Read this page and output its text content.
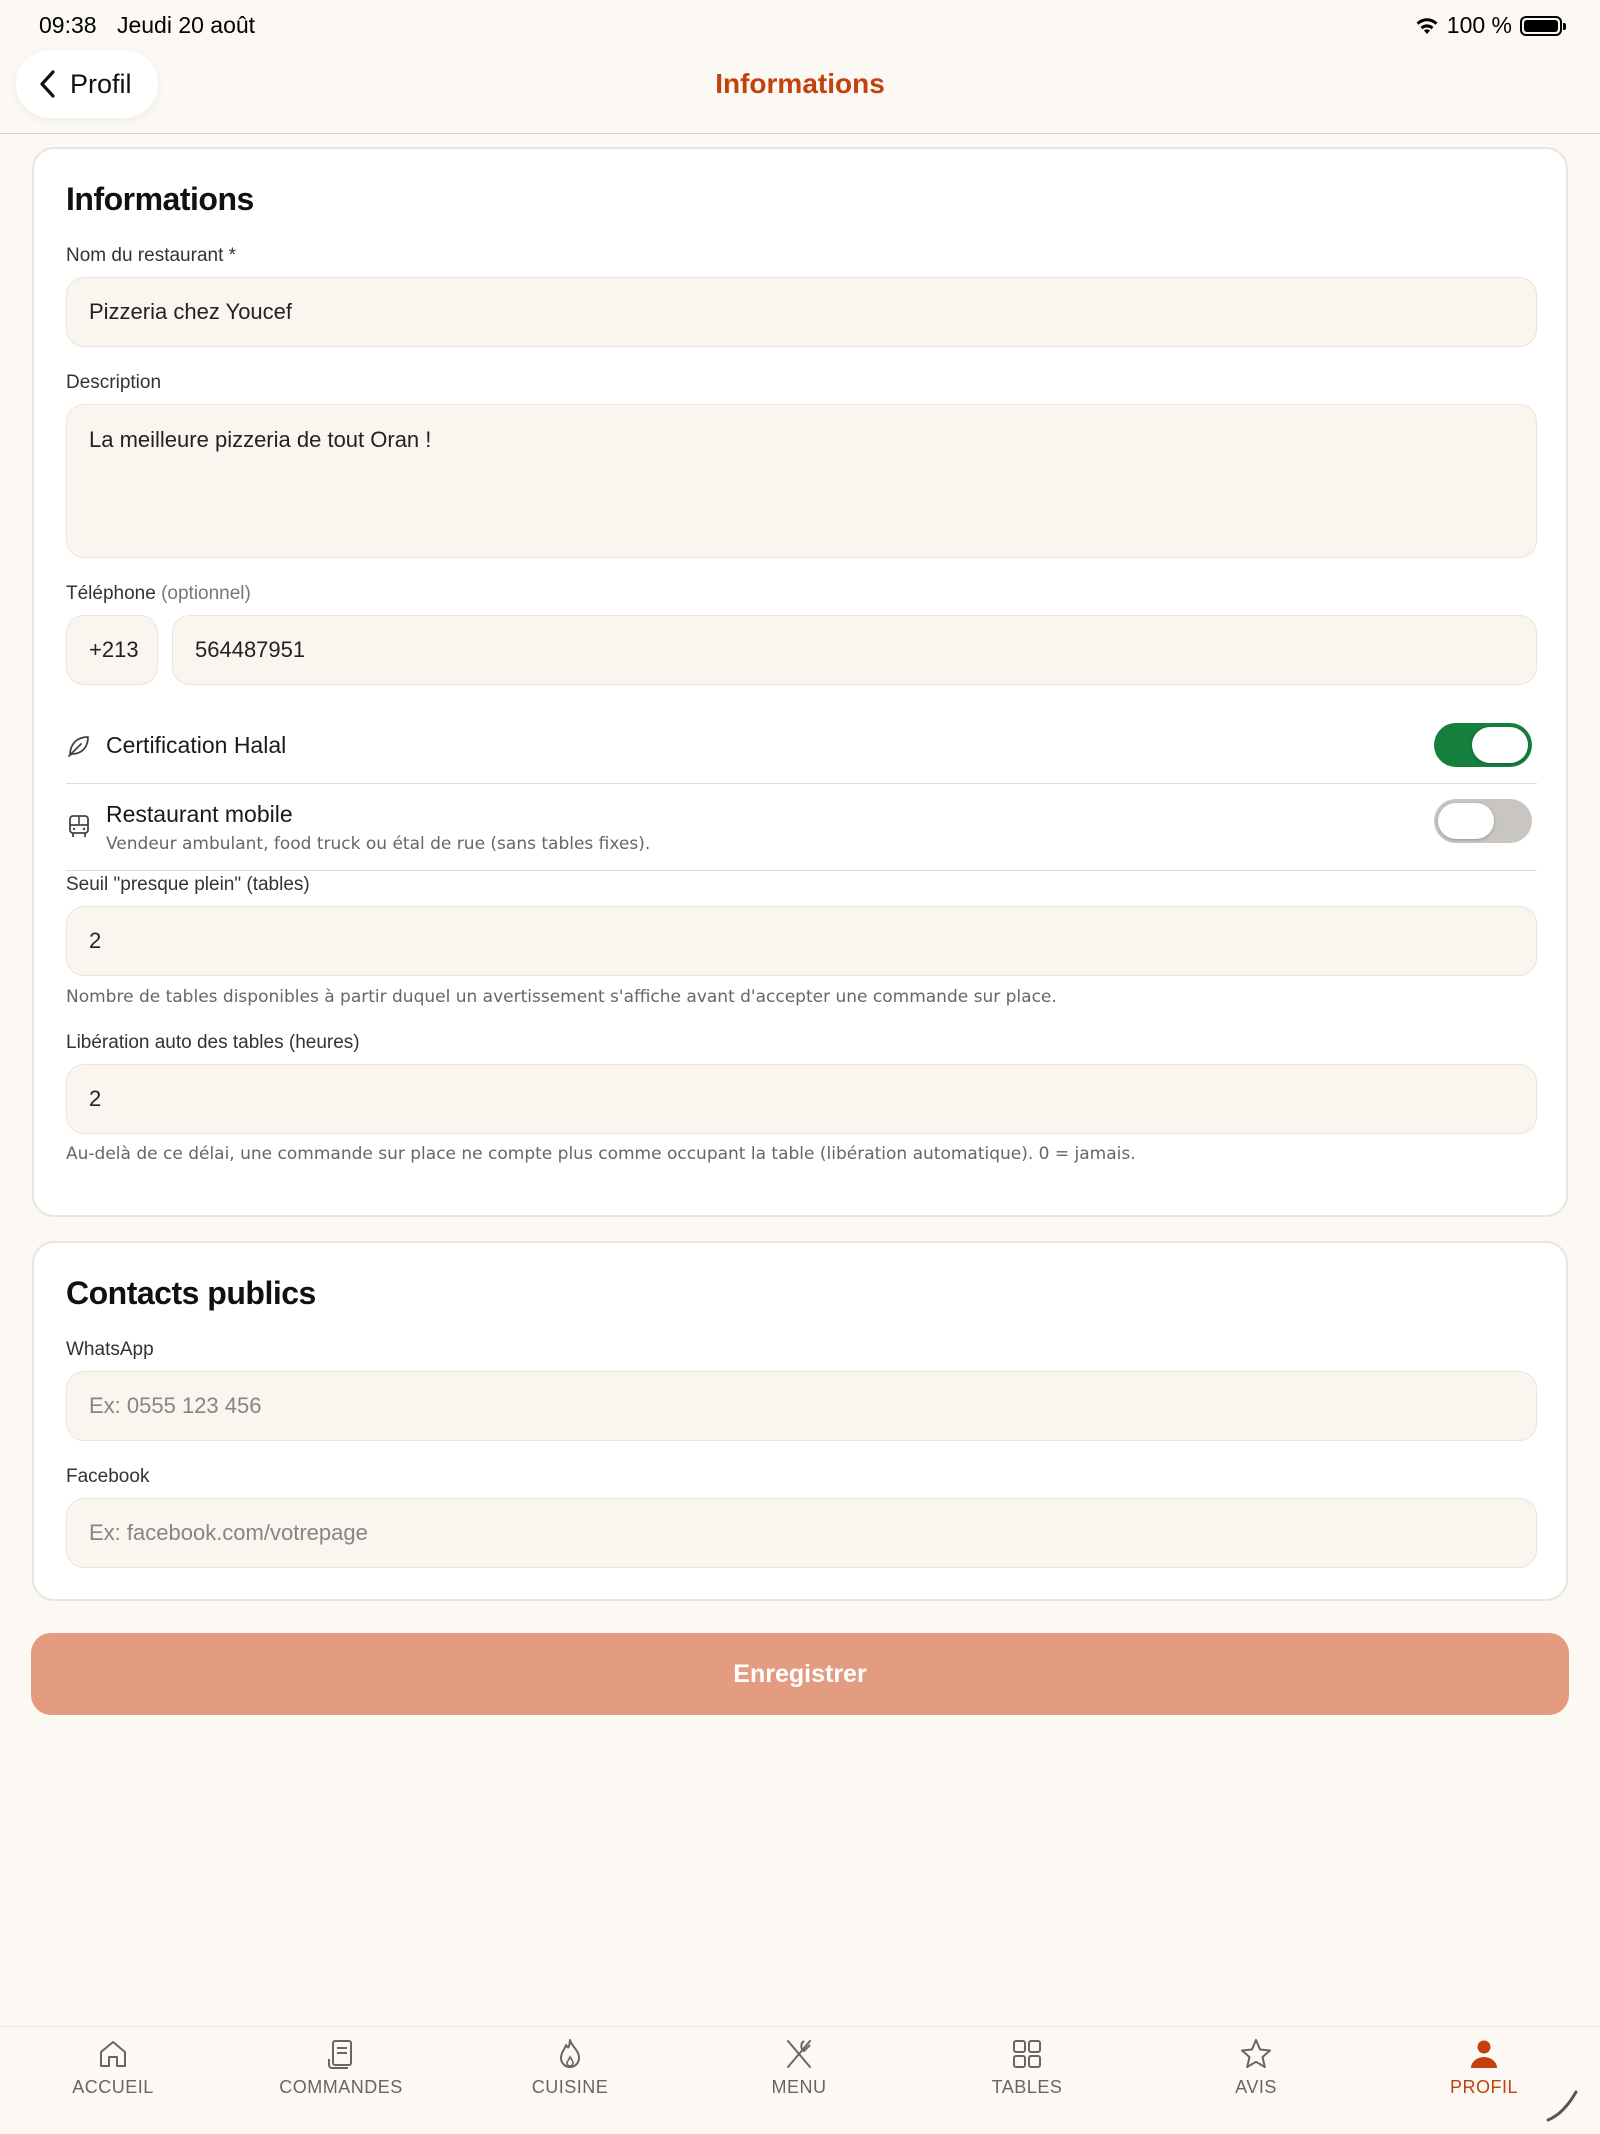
09:38 Jeudi 20 août	100 %
Profil	Informations
Informations
Nom du restaurant *
Pizzeria chez Youcef
Description
La meilleure pizzeria de tout Oran !
Téléphone (optionnel)
+213	564487951
Certification Halal
Restaurant mobile
Vendeur ambulant, food truck ou étal de rue (sans tables fixes).
Seuil "presque plein" (tables)
2
Nombre de tables disponibles à partir duquel un avertissement s'affiche avant d'accepter une commande sur place.
Libération auto des tables (heures)
2
Au-delà de ce délai, une commande sur place ne compte plus comme occupant la table (libération automatique). 0 = jamais.
Contacts publics
WhatsApp
Ex: 0555 123 456
Facebook
Ex: facebook.com/votrepage
Enregistrer
ACCUEIL	COMMANDES	CUISINE	MENU	TABLES	AVIS	PROFIL
